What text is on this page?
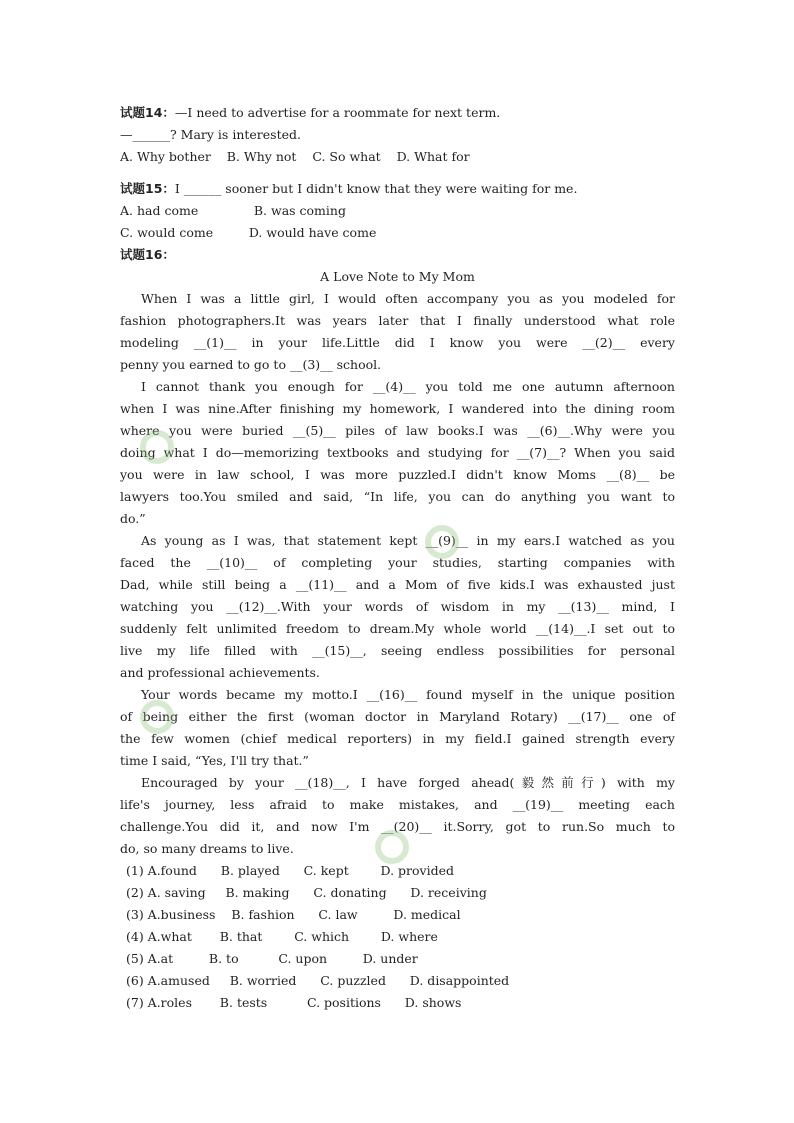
试题14：—I need to advertise for a roommate for next term.
—______? Mary is interested.
A. Why bother    B. Why not    C. So what    D. What for
试题15：I ______ sooner but I didn't know that they were waiting for me.
A. had come              B. was coming
C. would come         D. would have come
试题16：
A Love Note to My Mom
When I was a little girl, I would often accompany you as you modeled for
fashion photographers.It was years later that I finally understood what role
modeling __(1)__ in your life.Little did I know you were __(2)__ every
penny you earned to go to __(3)__ school.
I cannot thank you enough for __(4)__ you told me one autumn afternoon
when I was nine.After finishing my homework, I wandered into the dining room
where you were buried __(5)__ piles of law books.I was __(6)__.Why were you
doing what I do—memorizing textbooks and studying for __(7)__? When you said
you were in law school, I was more puzzled.I didn't know Moms __(8)__ be
lawyers too.You smiled and said, “In life, you can do anything you want to
do.”
As young as I was, that statement kept __(9)__ in my ears.I watched as you
faced the __(10)__ of completing your studies, starting companies with
Dad, while still being a __(11)__ and a Mom of five kids.I was exhausted just
watching you __(12)__.With your words of wisdom in my __(13)__ mind, I
suddenly felt unlimited freedom to dream.My whole world __(14)__.I set out to
live my life filled with __(15)__, seeing endless possibilities for personal
and professional achievements.
Your words became my motto.I __(16)__ found myself in the unique position
of being either the first (woman doctor in Maryland Rotary) __(17)__ one of
the few women (chief medical reporters) in my field.I gained strength every
time I said, “Yes, I'll try that.”
Encouraged by your __(18)__, I have forged ahead(毅然前行) with my
life's journey, less afraid to make mistakes, and __(19)__ meeting each
challenge.You did it, and now I'm __(20)__ it.Sorry, got to run.So much to
do, so many dreams to live.
(1) A.found      B. played      C. kept        D. provided
(2) A. saving     B. making      C. donating      D. receiving
(3) A.business    B. fashion      C. law         D. medical
(4) A.what       B. that        C. which        D. where
(5) A.at         B. to          C. upon         D. under
(6) A.amused     B. worried      C. puzzled      D. disappointed
(7) A.roles       B. tests          C. positions      D. shows
